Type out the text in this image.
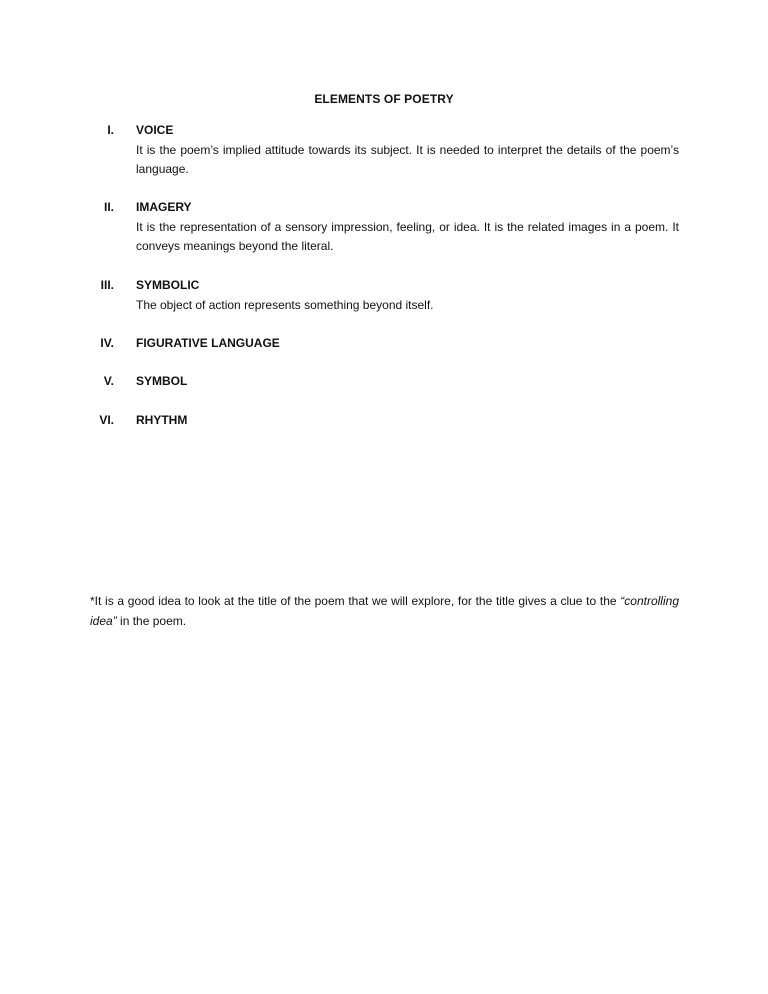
ELEMENTS OF POETRY
I. VOICE
It is the poem’s implied attitude towards its subject. It is needed to interpret the details of the poem’s language.
II. IMAGERY
It is the representation of a sensory impression, feeling, or idea. It is the related images in a poem. It conveys meanings beyond the literal.
III. SYMBOLIC
The object of action represents something beyond itself.
IV. FIGURATIVE LANGUAGE
V. SYMBOL
VI. RHYTHM
*It is a good idea to look at the title of the poem that we will explore, for the title gives a clue to the “controlling idea” in the poem.
